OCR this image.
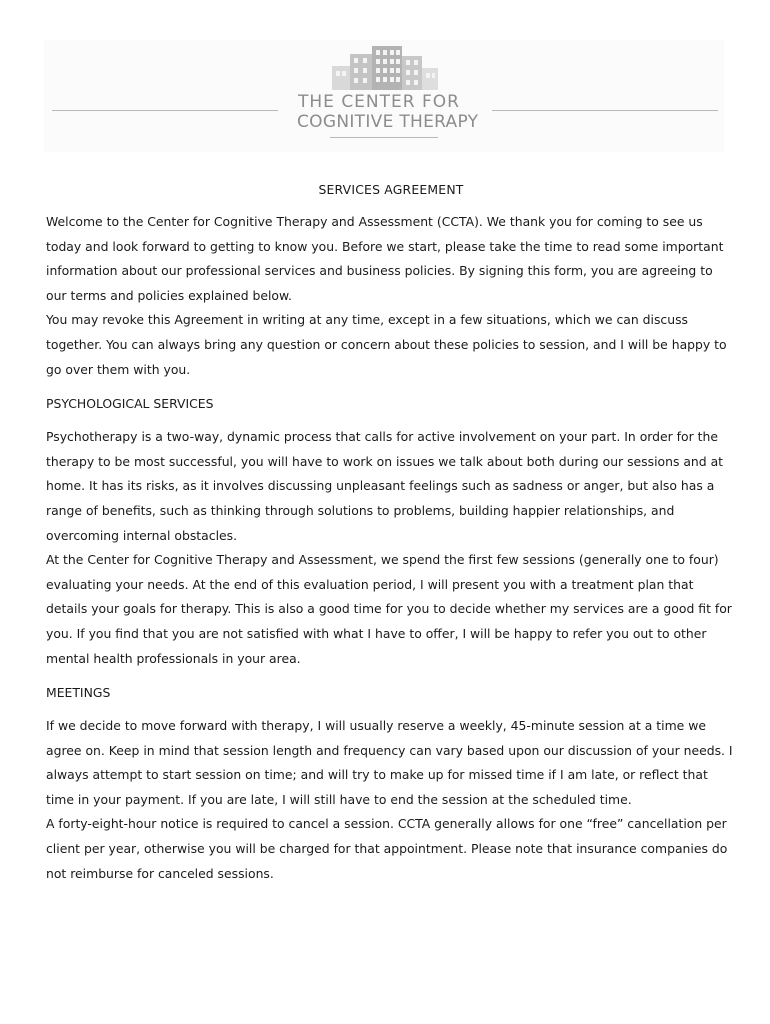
THE CENTER FOR
COGNITIVE THERAPY
SERVICES AGREEMENT

Welcome to the Center for Cognitive Therapy and Assessment (CCTA). We thank you for coming to see us today and look forward to getting to know you. Before we start, please take the time to read some important information about our professional services and business policies. By signing this form, you are agreeing to our terms and policies explained below.

You may revoke this Agreement in writing at any time, except in a few situations, which we can discuss together. You can always bring any question or concern about these policies to session, and I will be happy to go over them with you.

PSYCHOLOGICAL SERVICES

Psychotherapy is a two-way, dynamic process that calls for active involvement on your part. In order for the therapy to be most successful, you will have to work on issues we talk about both during our sessions and at home. It has its risks, as it involves discussing unpleasant feelings such as sadness or anger, but also has a range of benefits, such as thinking through solutions to problems, building happier relationships, and overcoming internal obstacles.

At the Center for Cognitive Therapy and Assessment, we spend the first few sessions (generally one to four) evaluating your needs. At the end of this evaluation period, I will present you with a treatment plan that details your goals for therapy. This is also a good time for you to decide whether my services are a good fit for you. If you find that you are not satisfied with what I have to offer, I will be happy to refer you out to other mental health professionals in your area.

MEETINGS

If we decide to move forward with therapy, I will usually reserve a weekly, 45-minute session at a time we agree on. Keep in mind that session length and frequency can vary based upon our discussion of your needs. I always attempt to start session on time; and will try to make up for missed time if I am late, or reflect that time in your payment. If you are late, I will still have to end the session at the scheduled time.

A forty-eight-hour notice is required to cancel a session. CCTA generally allows for one “free” cancellation per client per year, otherwise you will be charged for that appointment. Please note that insurance companies do not reimburse for canceled sessions.
